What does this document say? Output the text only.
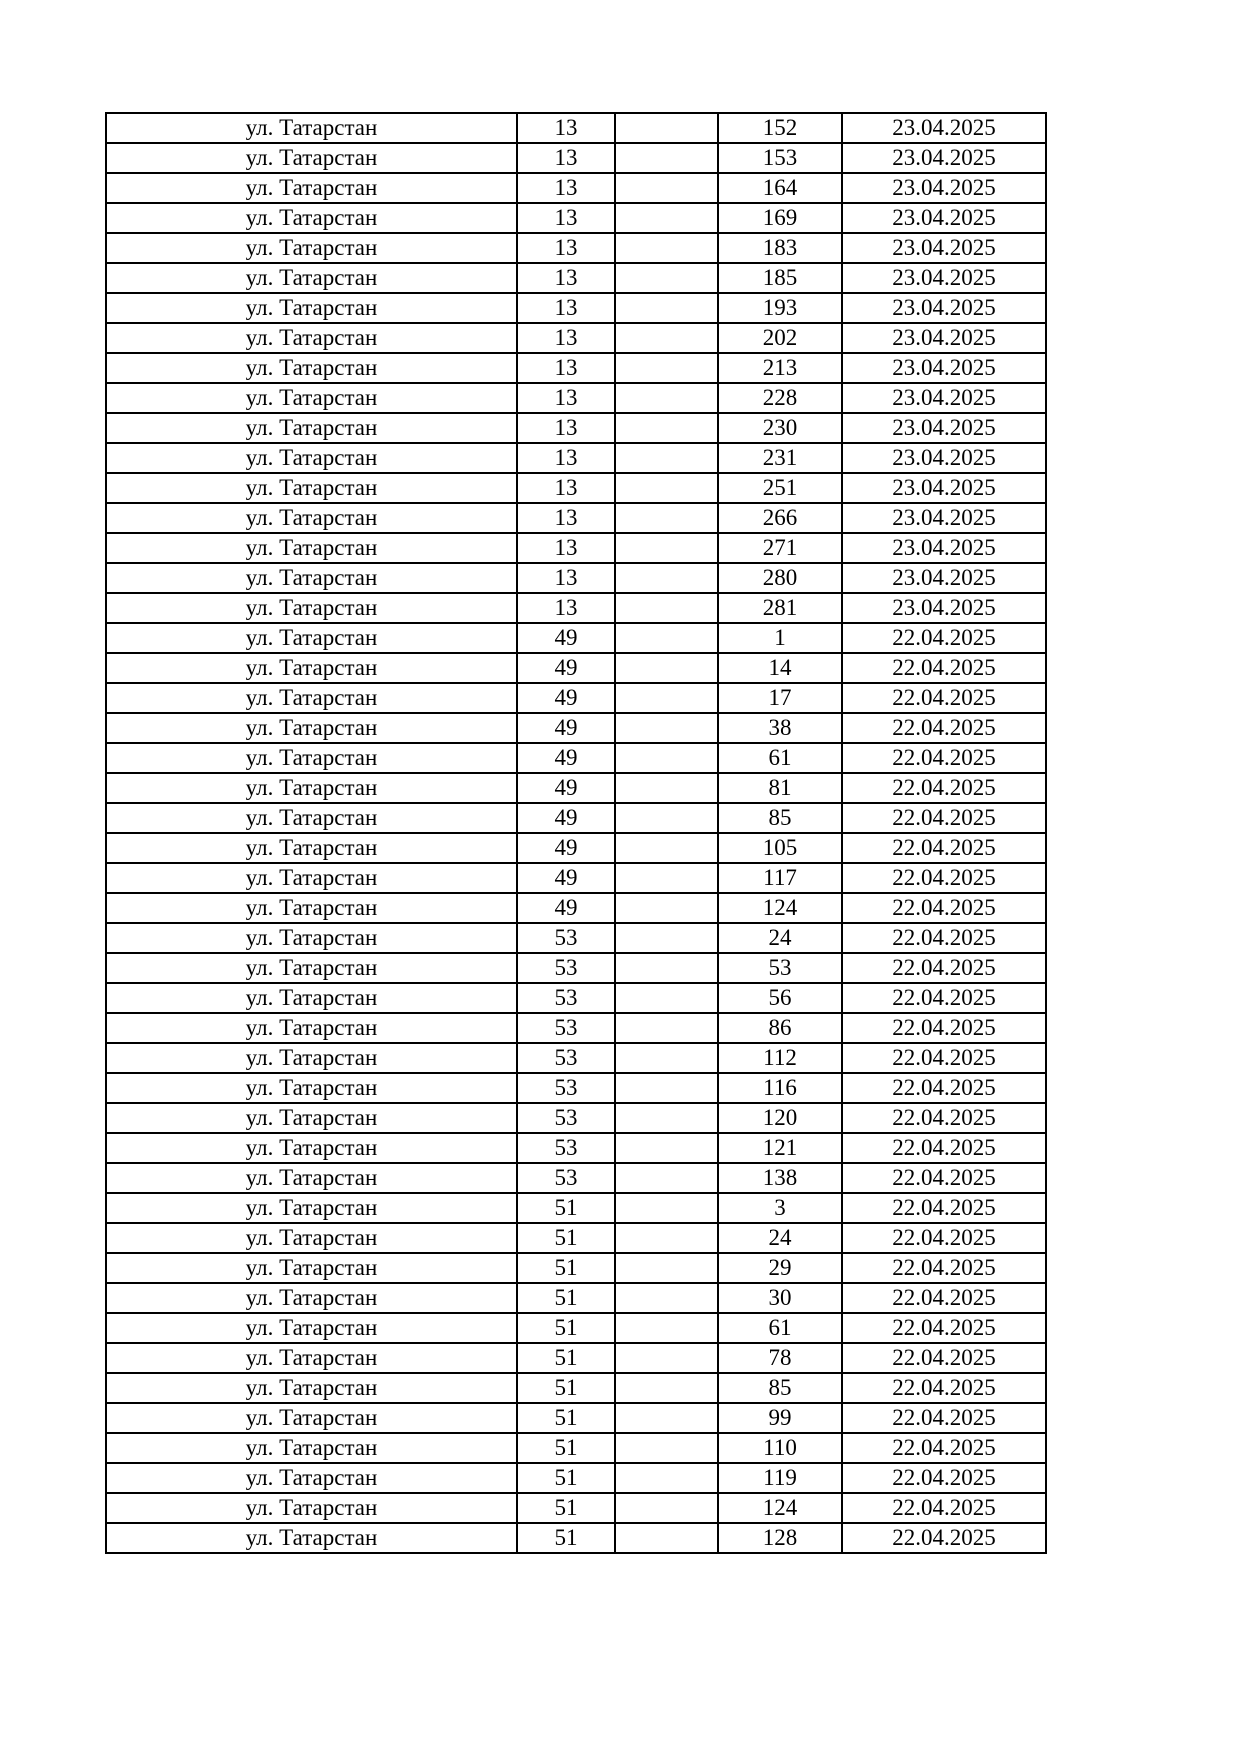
ул. Татарстан	13		152	23.04.2025
ул. Татарстан	13		153	23.04.2025
ул. Татарстан	13		164	23.04.2025
ул. Татарстан	13		169	23.04.2025
ул. Татарстан	13		183	23.04.2025
ул. Татарстан	13		185	23.04.2025
ул. Татарстан	13		193	23.04.2025
ул. Татарстан	13		202	23.04.2025
ул. Татарстан	13		213	23.04.2025
ул. Татарстан	13		228	23.04.2025
ул. Татарстан	13		230	23.04.2025
ул. Татарстан	13		231	23.04.2025
ул. Татарстан	13		251	23.04.2025
ул. Татарстан	13		266	23.04.2025
ул. Татарстан	13		271	23.04.2025
ул. Татарстан	13		280	23.04.2025
ул. Татарстан	13		281	23.04.2025
ул. Татарстан	49		1	22.04.2025
ул. Татарстан	49		14	22.04.2025
ул. Татарстан	49		17	22.04.2025
ул. Татарстан	49		38	22.04.2025
ул. Татарстан	49		61	22.04.2025
ул. Татарстан	49		81	22.04.2025
ул. Татарстан	49		85	22.04.2025
ул. Татарстан	49		105	22.04.2025
ул. Татарстан	49		117	22.04.2025
ул. Татарстан	49		124	22.04.2025
ул. Татарстан	53		24	22.04.2025
ул. Татарстан	53		53	22.04.2025
ул. Татарстан	53		56	22.04.2025
ул. Татарстан	53		86	22.04.2025
ул. Татарстан	53		112	22.04.2025
ул. Татарстан	53		116	22.04.2025
ул. Татарстан	53		120	22.04.2025
ул. Татарстан	53		121	22.04.2025
ул. Татарстан	53		138	22.04.2025
ул. Татарстан	51		3	22.04.2025
ул. Татарстан	51		24	22.04.2025
ул. Татарстан	51		29	22.04.2025
ул. Татарстан	51		30	22.04.2025
ул. Татарстан	51		61	22.04.2025
ул. Татарстан	51		78	22.04.2025
ул. Татарстан	51		85	22.04.2025
ул. Татарстан	51		99	22.04.2025
ул. Татарстан	51		110	22.04.2025
ул. Татарстан	51		119	22.04.2025
ул. Татарстан	51		124	22.04.2025
ул. Татарстан	51		128	22.04.2025
